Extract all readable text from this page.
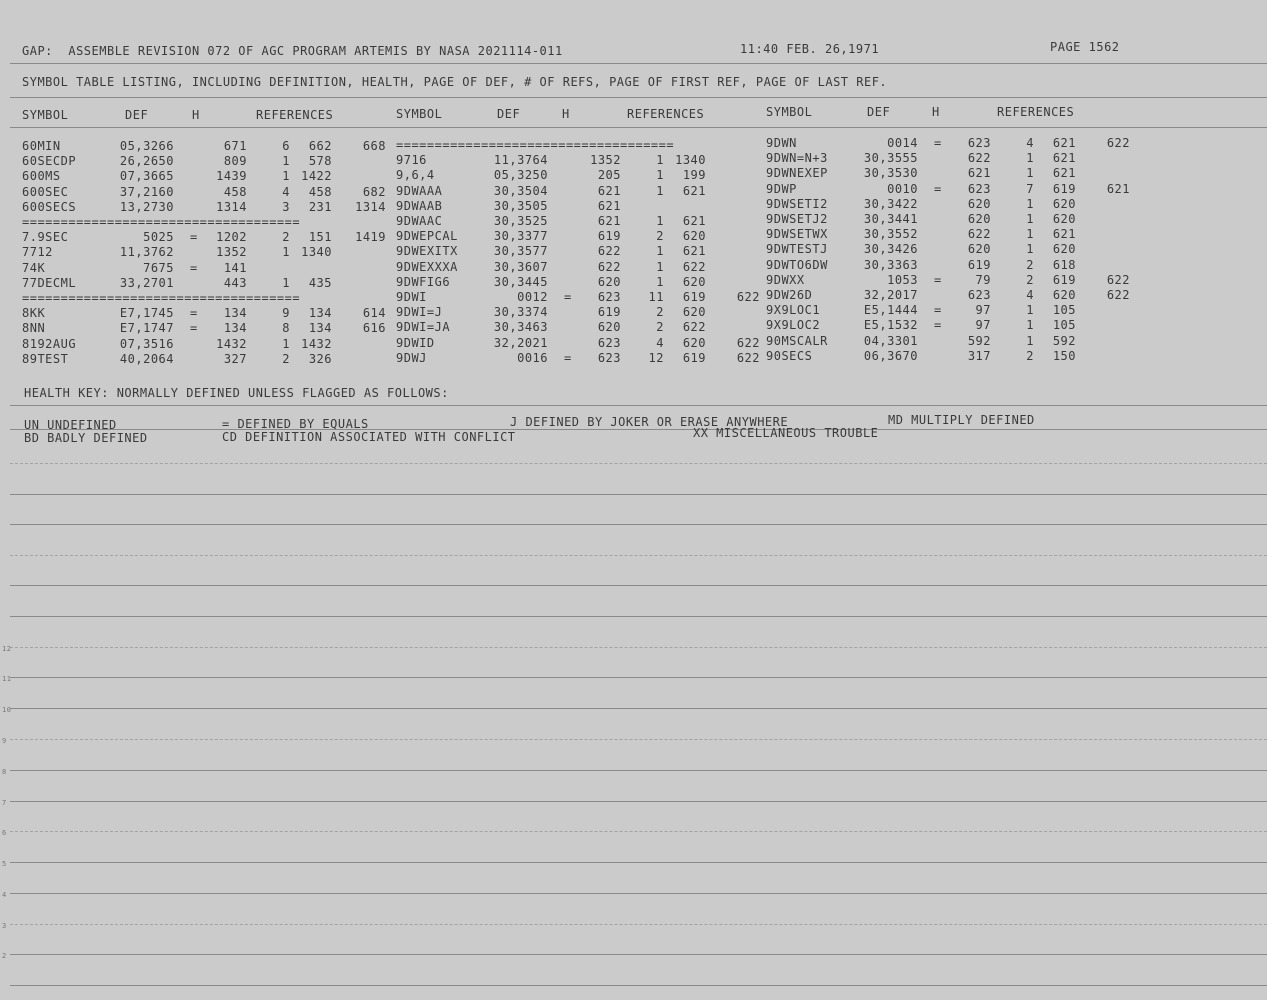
GAP:  ASSEMBLE REVISION 072 OF AGC PROGRAM ARTEMIS BY NASA 2021114-011	11:40 FEB. 26,1971	PAGE 1562
SYMBOL TABLE LISTING, INCLUDING DEFINITION, HEALTH, PAGE OF DEF, # OF REFS, PAGE OF FIRST REF, PAGE OF LAST REF.
SYMBOL	DEF	H	REFERENCES	SYMBOL	DEF	H	REFERENCES	SYMBOL	DEF	H	REFERENCES
60MIN	05,3266	671	6	662	668
60SECDP	26,2650	809	1	578
600MS	07,3665	1439	1 1422
600SEC	37,2160	458	4	458	682
600SECS	13,2730	1314	3	231	1314
====================================
7.9SEC	5025 =	1202	2	151	1419
7712	11,3762	1352	1 1340
74K	7675 =	141
77DECML	33,2701	443	1	435
====================================
8KK	E7,1745 =	134	9	134	614
8NN	E7,1747 =	134	8	134	616
8192AUG	07,3516	1432	1 1432
89TEST	40,2064	327	2	326
====================================
9716	11,3764	1352	1 1340
9,6,4	05,3250	205	1	199
9DWAAA	30,3504	621	1	621
9DWAAB	30,3505	621
9DWAAC	30,3525	621	1	621
9DWEPCAL	30,3377	619	2	620
9DWEXITX	30,3577	622	1	621
9DWEXXXA	30,3607	622	1	622
9DWFIG6	30,3445	620	1	620
9DWI	0012 =	623	11	619	622
9DWI=J	30,3374	619	2	620
9DWI=JA	30,3463	620	2	622
9DWID	32,2021	623	4	620	622
9DWJ	0016 =	623	12	619	622
9DWN	0014 =	623	4	621	622
9DWN=N+3	30,3555	622	1	621
9DWNEXEP	30,3530	621	1	621
9DWP	0010 =	623	7	619	621
9DWSETI2	30,3422	620	1	620
9DWSETJ2	30,3441	620	1	620
9DWSETWX	30,3552	622	1	621
9DWTESTJ	30,3426	620	1	620
9DWTO6DW	30,3363	619	2	618
9DWXX	1053 =	79	2	619	622
9DW26D	32,2017	623	4	620	622
9X9LOC1	E5,1444 =	97	1	105
9X9LOC2	E5,1532 =	97	1	105
90MSCALR	04,3301	592	1	592
90SECS	06,3670	317	2	150
HEALTH KEY: NORMALLY DEFINED UNLESS FLAGGED AS FOLLOWS:
UN UNDEFINED	= DEFINED BY EQUALS	J DEFINED BY JOKER OR ERASE ANYWHERE	MD MULTIPLY DEFINED
BD BADLY DEFINED	CD DEFINITION ASSOCIATED WITH CONFLICT	XX MISCELLANEOUS TROUBLE
12
11
10
9
8
7
6
5
4
3
2
